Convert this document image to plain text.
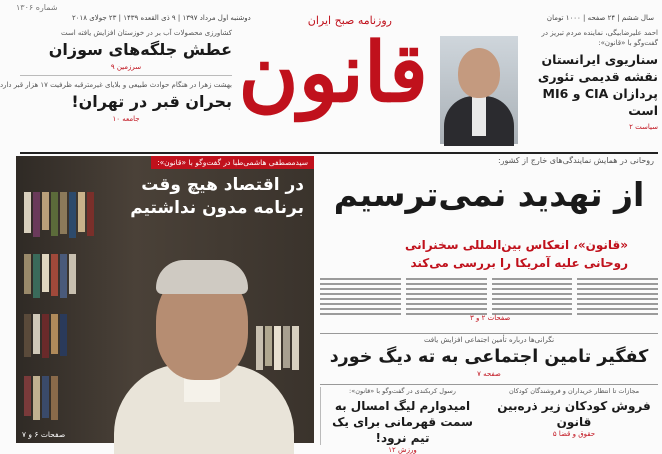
شماره ۱۳۰۶
دوشنبه اول مرداد ۱۳۹۷ | ۹ ذی القعده ۱۴۳۹ | ۲۳ جولای ۲۰۱۸	سال ششم | ۲۴ صفحه | ۱۰۰۰ تومان
روزنامه صبح ایران
قانون
کشاورزی محصولات آب بر در خوزستان افزایش یافته است
عطش جلگه‌های سوزان
سرزمین ۹
بهشت زهرا در هنگام حوادث طبیعی و بلایای غیرمترقبه ظرفیت ۱۷ هزار قبر دارد
بحران قبر در تهران!
جامعه ۱۰
احمد علیرضابیگی، نماینده مردم تبریز در گفت‌وگو با «قانون»:
سناریوی ایرانستان نقشه قدیمی تئوری پردازان CIA و MI6 است
سیاست ۲
سیدمصطفی هاشمی‌طبا در گفت‌وگو با «قانون»:
در اقتصاد هیچ وقت برنامه مدون نداشتیم
صفحات ۶ و ۷
روحانی در همایش نمایندگی‌های خارج از کشور:
از تهدید نمی‌ترسیم
«قانون»، انعکاس بین‌المللی سخنرانی روحانی علیه آمریکا را بررسی می‌کند
صفحات ۲ و ۳
نگرانی‌ها درباره تأمین اجتماعی افزایش یافت
کفگیر تامین اجتماعی به ته دیگ خورد
صفحه ۷
مجازات تا انتظار خریداران و فروشندگان کودکان
فروش کودکان زیر ذره‌بین قانون
حقوق و قضا ۵
رسول کربکندی در گفت‌وگو با «قانون»:
امیدوارم لیگ امسال به سمت قهرمانی برای یک تیم نرود!
ورزش ۱۲
